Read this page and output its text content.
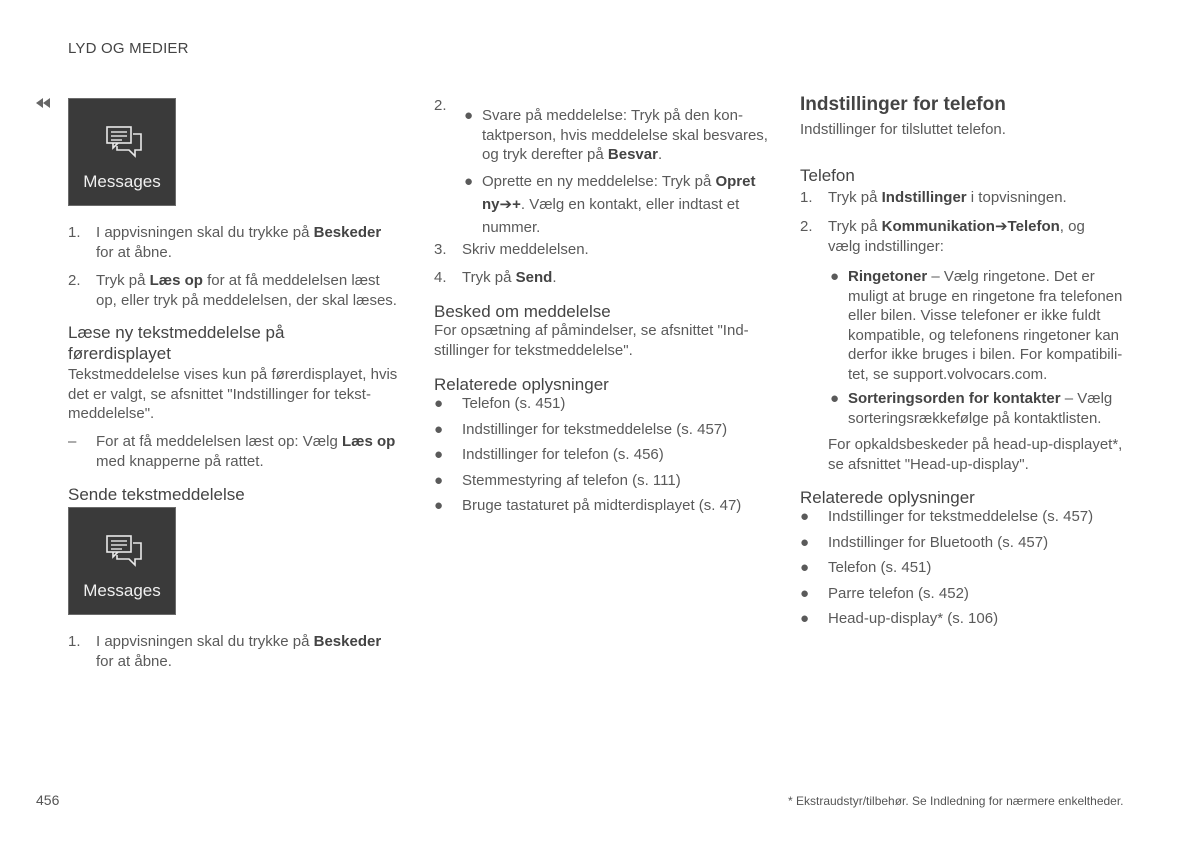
LYD OG MEDIER
Messages
1. I appvisningen skal du trykke på Beskeder
for at åbne.
2. Tryk på Læs op for at få meddelelsen læst
op, eller tryk på meddelelsen, der skal læses.
Læse ny tekstmeddelelse på
førerdisplayet
Tekstmeddelelse vises kun på førerdisplayet, hvis
det er valgt, se afsnittet "Indstillinger for tekst-
meddelelse".
– For at få meddelelsen læst op: Vælg Læs op
med knapperne på rattet.
Sende tekstmeddelelse
Messages
1. I appvisningen skal du trykke på Beskeder
for at åbne.
2.
● Svare på meddelelse: Tryk på den kon-
taktperson, hvis meddelelse skal besvares,
og tryk derefter på Besvar.
● Oprette en ny meddelelse: Tryk på Opret
ny➔+. Vælg en kontakt, eller indtast et
nummer.
3. Skriv meddelelsen.
4. Tryk på Send.
Besked om meddelelse
For opsætning af påmindelser, se afsnittet "Ind-
stillinger for tekstmeddelelse".
Relaterede oplysninger
● Telefon (s. 451)
● Indstillinger for tekstmeddelelse (s. 457)
● Indstillinger for telefon (s. 456)
● Stemmestyring af telefon (s. 111)
● Bruge tastaturet på midterdisplayet (s. 47)
Indstillinger for telefon
Indstillinger for tilsluttet telefon.
Telefon
1. Tryk på Indstillinger i topvisningen.
2. Tryk på Kommunikation➔Telefon, og
vælg indstillinger:
● Ringetoner – Vælg ringetone. Det er
muligt at bruge en ringetone fra telefonen
eller bilen. Visse telefoner er ikke fuldt
kompatible, og telefonens ringetoner kan
derfor ikke bruges i bilen. For kompatibili-
tet, se support.volvocars.com.
● Sorteringsorden for kontakter – Vælg
sorteringsrækkefølge på kontaktlisten.
For opkaldsbeskeder på head-up-displayet*,
se afsnittet "Head-up-display".
Relaterede oplysninger
● Indstillinger for tekstmeddelelse (s. 457)
● Indstillinger for Bluetooth (s. 457)
● Telefon (s. 451)
● Parre telefon (s. 452)
● Head-up-display* (s. 106)
456	* Ekstraudstyr/tilbehør. Se Indledning for nærmere enkeltheder.
